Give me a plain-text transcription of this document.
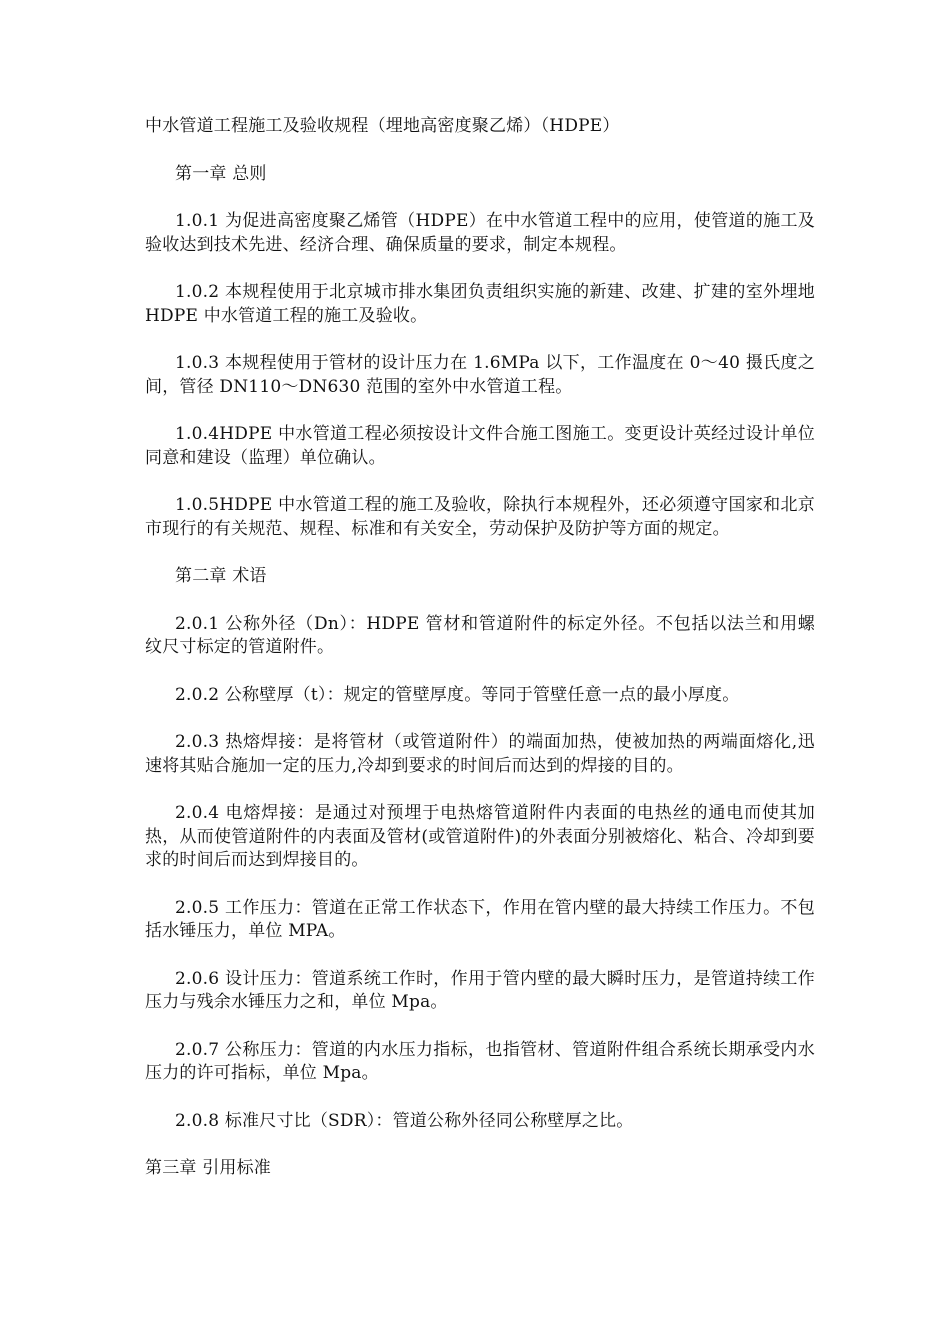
中水管道工程施工及验收规程（埋地高密度聚乙烯）（HDPE）
第一章 总则

1.0.1 为促进高密度聚乙烯管（HDPE）在中水管道工程中的应用，使管道的施工及验收达到技术先进、经济合理、确保质量的要求，制定本规程。

1.0.2 本规程使用于北京城市排水集团负责组织实施的新建、改建、扩建的室外埋地 HDPE 中水管道工程的施工及验收。

1.0.3 本规程使用于管材的设计压力在 1.6MPa 以下，工作温度在 0～40 摄氏度之间，管径 DN110～DN630 范围的室外中水管道工程。

1.0.4HDPE 中水管道工程必须按设计文件合施工图施工。变更设计英经过设计单位同意和建设（监理）单位确认。

1.0.5HDPE 中水管道工程的施工及验收，除执行本规程外，还必须遵守国家和北京市现行的有关规范、规程、标准和有关安全，劳动保护及防护等方面的规定。

第二章 术语

2.0.1 公称外径（Dn）：HDPE 管材和管道附件的标定外径。不包括以法兰和用螺纹尺寸标定的管道附件。

2.0.2 公称壁厚（t）：规定的管壁厚度。等同于管壁任意一点的最小厚度。

2.0.3 热熔焊接：是将管材（或管道附件）的端面加热，使被加热的两端面熔化,迅速将其贴合施加一定的压力,冷却到要求的时间后而达到的焊接的目的。

2.0.4 电熔焊接：是通过对预埋于电热熔管道附件内表面的电热丝的通电而使其加热，从而使管道附件的内表面及管材(或管道附件)的外表面分别被熔化、粘合、冷却到要求的时间后而达到焊接目的。

2.0.5 工作压力：管道在正常工作状态下，作用在管内壁的最大持续工作压力。不包括水锤压力，单位 MPA。

2.0.6 设计压力：管道系统工作时，作用于管内壁的最大瞬时压力，是管道持续工作压力与残余水锤压力之和，单位 Mpa。

2.0.7 公称压力：管道的内水压力指标，也指管材、管道附件组合系统长期承受内水压力的许可指标，单位 Mpa。

2.0.8 标准尺寸比（SDR）：管道公称外径同公称壁厚之比。

第三章 引用标准
